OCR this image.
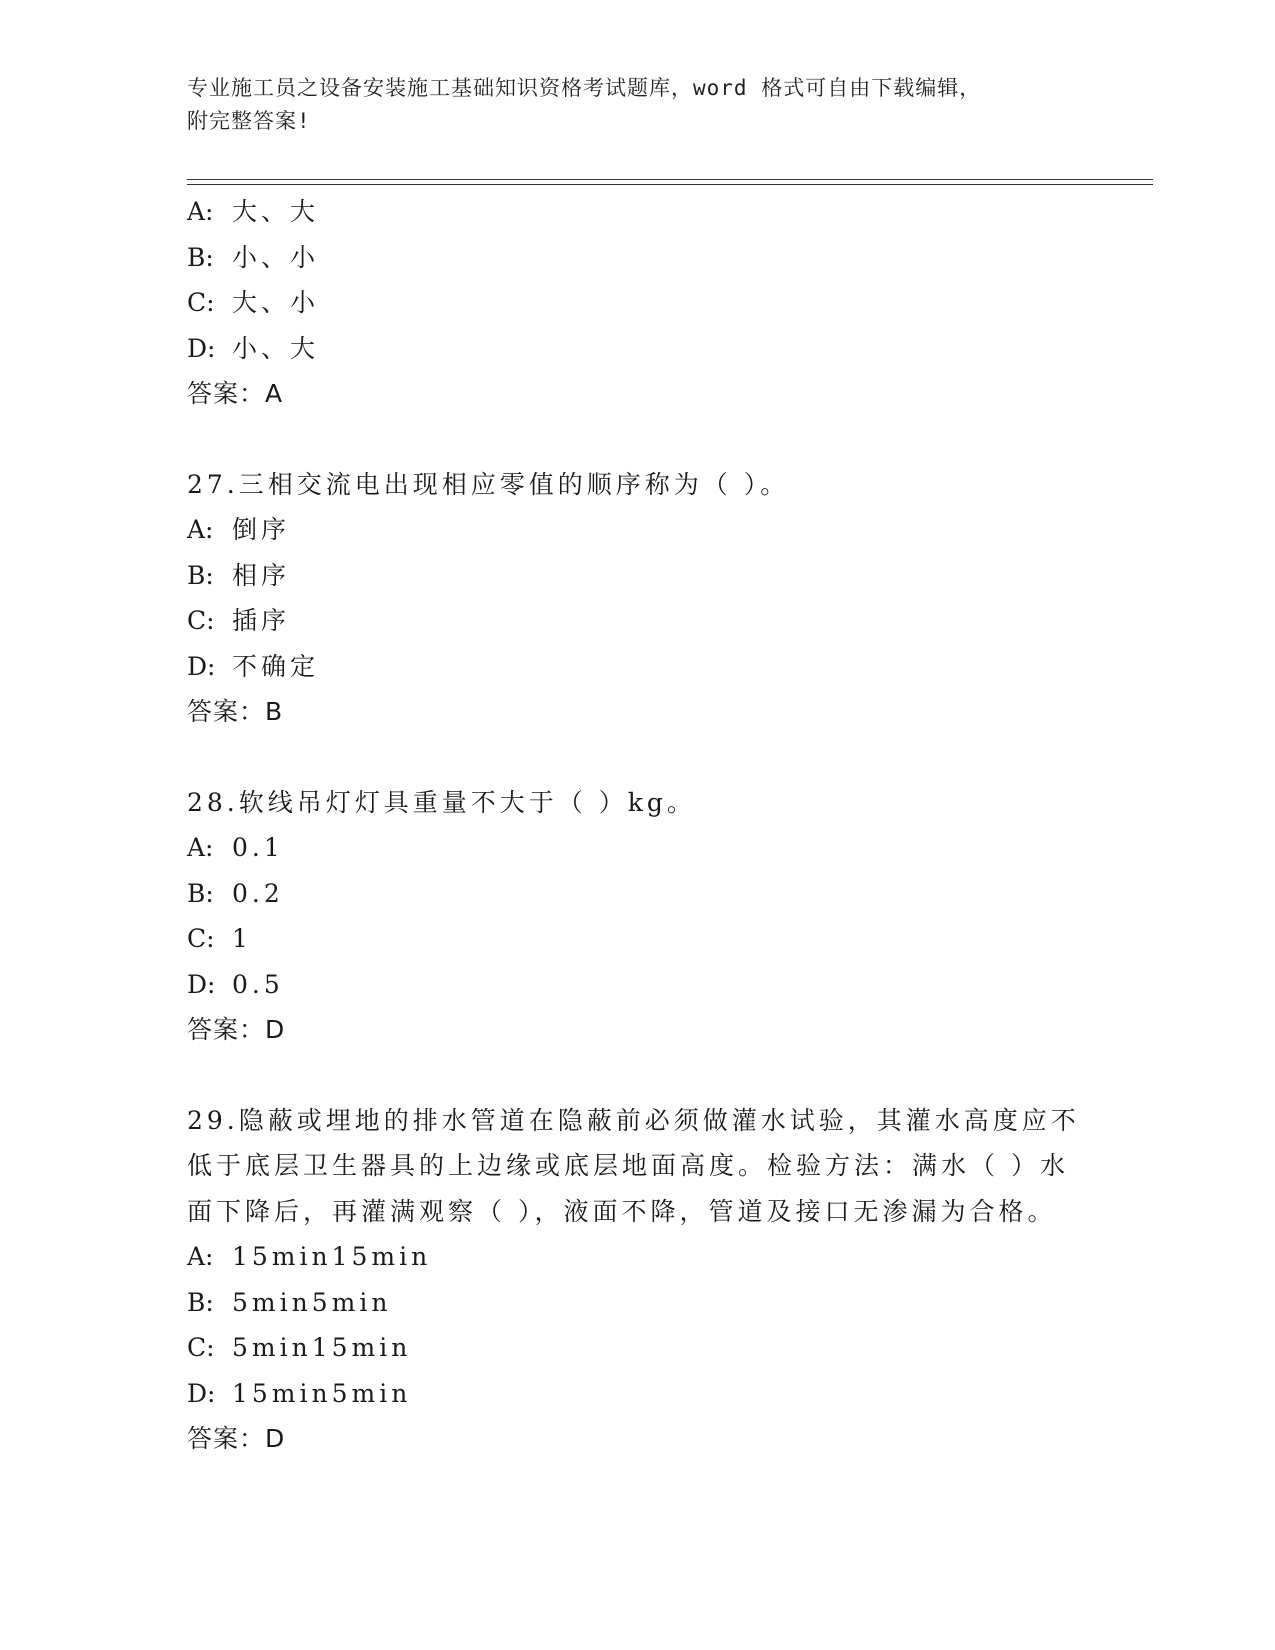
专业施工员之设备安装施工基础知识资格考试题库，word 格式可自由下载编辑，
附完整答案!
A: 大、大
B: 小、小
C: 大、小
D: 小、大
答案：A
27.三相交流电出现相应零值的顺序称为（ ）。
A: 倒序
B: 相序
C: 插序
D: 不确定
答案：B
28.软线吊灯灯具重量不大于（ ）kg。
A: 0.1
B: 0.2
C: 1
D: 0.5
答案：D
29.隐蔽或埋地的排水管道在隐蔽前必须做灌水试验，其灌水高度应不
低于底层卫生器具的上边缘或底层地面高度。检验方法：满水（ ）水
面下降后，再灌满观察（ ），液面不降，管道及接口无渗漏为合格。
A: 15min15min
B: 5min5min
C: 5min15min
D: 15min5min
答案：D
